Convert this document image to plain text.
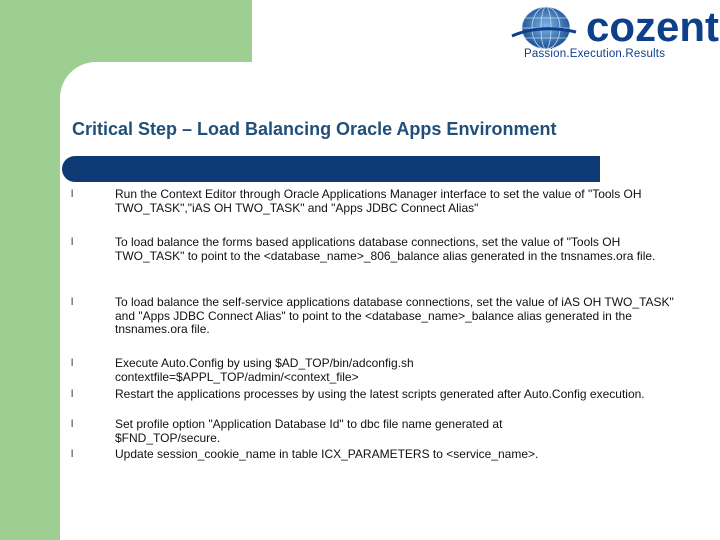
cozent
Passion.Execution.Results
Critical Step – Load Balancing Oracle Apps Environment
l	Run the Context Editor through Oracle Applications Manager interface to set the value of "Tools OH TWO_TASK","iAS OH TWO_TASK" and "Apps JDBC Connect Alias"
l	To load balance the forms based applications database connections, set the value of "Tools OH TWO_TASK" to point to the <database_name>_806_balance alias generated in the tnsnames.ora file.
l	To load balance the self-service applications database connections, set the value of iAS OH TWO_TASK" and "Apps JDBC Connect Alias" to point to the <database_name>_balance alias generated in the tnsnames.ora file.
l	Execute Auto.Config by using $AD_TOP/bin/adconfig.sh contextfile=$APPL_TOP/admin/<context_file>
l	Restart the applications processes by using the latest scripts generated after Auto.Config execution.
l	Set profile option "Application Database Id" to dbc file name generated at $FND_TOP/secure.
l	Update session_cookie_name in table ICX_PARAMETERS to <service_name>.
